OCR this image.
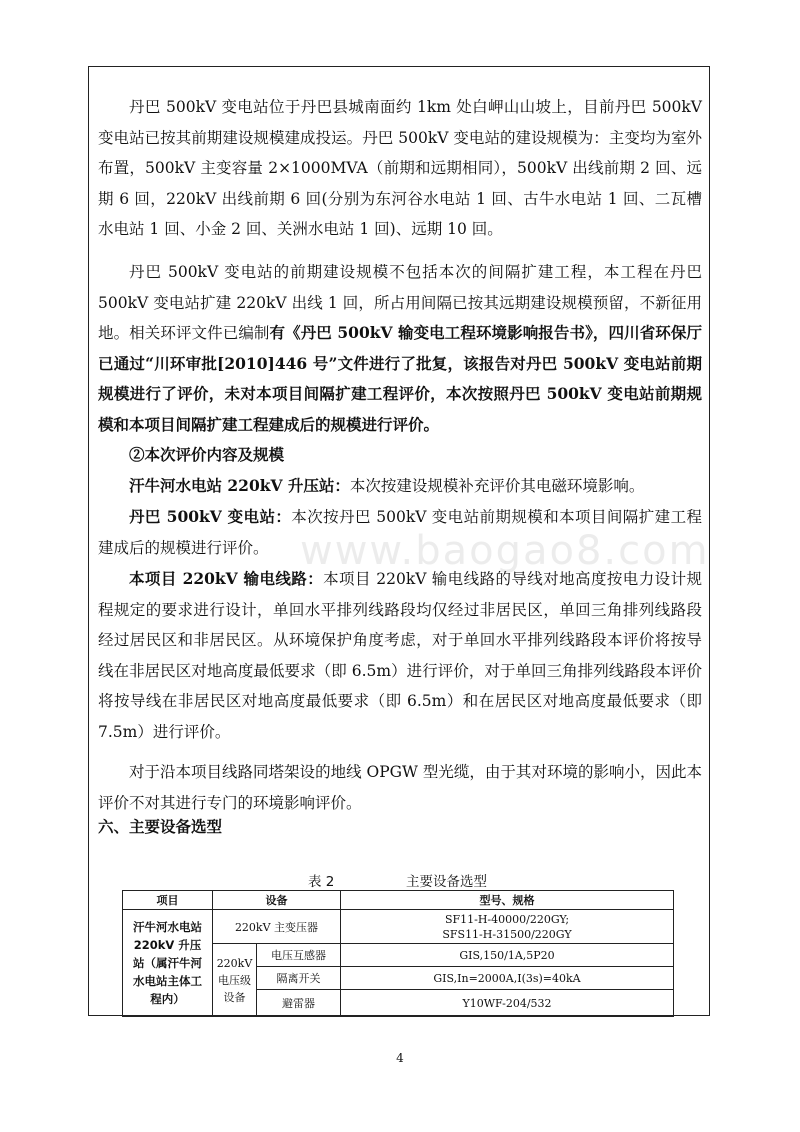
www.baogao8.com

丹巴 500kV 变电站位于丹巴县城南面约 1km 处白岬山山坡上，目前丹巴 500kV 变电站已按其前期建设规模建成投运。丹巴 500kV 变电站的建设规模为：主变均为室外布置，500kV 主变容量 2×1000MVA（前期和远期相同），500kV 出线前期 2 回、远期 6 回，220kV 出线前期 6 回(分别为东河谷水电站 1 回、古牛水电站 1 回、二瓦槽水电站 1 回、小金 2 回、关洲水电站 1 回)、远期 10 回。

丹巴 500kV 变电站的前期建设规模不包括本次的间隔扩建工程，本工程在丹巴 500kV 变电站扩建 220kV 出线 1 回，所占用间隔已按其远期建设规模预留，不新征用地。相关环评文件已编制有《丹巴 500kV 输变电工程环境影响报告书》，四川省环保厅已通过“川环审批[2010]446 号”文件进行了批复，该报告对丹巴 500kV 变电站前期规模进行了评价，未对本项目间隔扩建工程评价，本次按照丹巴 500kV 变电站前期规模和本项目间隔扩建工程建成后的规模进行评价。

②本次评价内容及规模

汗牛河水电站 220kV 升压站：本次按建设规模补充评价其电磁环境影响。

丹巴 500kV 变电站：本次按丹巴 500kV 变电站前期规模和本项目间隔扩建工程建成后的规模进行评价。

本项目 220kV 输电线路：本项目 220kV 输电线路的导线对地高度按电力设计规程规定的要求进行设计，单回水平排列线路段均仅经过非居民区，单回三角排列线路段经过居民区和非居民区。从环境保护角度考虑，对于单回水平排列线路段本评价将按导线在非居民区对地高度最低要求（即 6.5m）进行评价，对于单回三角排列线路段本评价将按导线在非居民区对地高度最低要求（即 6.5m）和在居民区对地高度最低要求（即 7.5m）进行评价。

对于沿本项目线路同塔架设的地线 OPGW 型光缆，由于其对环境的影响小，因此本评价不对其进行专门的环境影响评价。

六、主要设备选型
表 2	主要设备选型
项目	设备		型号、规格
汗牛河水电站 220kV 升压站（属汗牛河水电站主体工程内）	220kV 主变压器		SF11-H-40000/220GY;
SFS11-H-31500/220GY

	220kV 电压级设备	电压互感器	GIS,150/1A,5P20
		隔离开关	GIS,In=2000A,I(3s)=40kA
		避雷器	Y10WF-204/532
4
